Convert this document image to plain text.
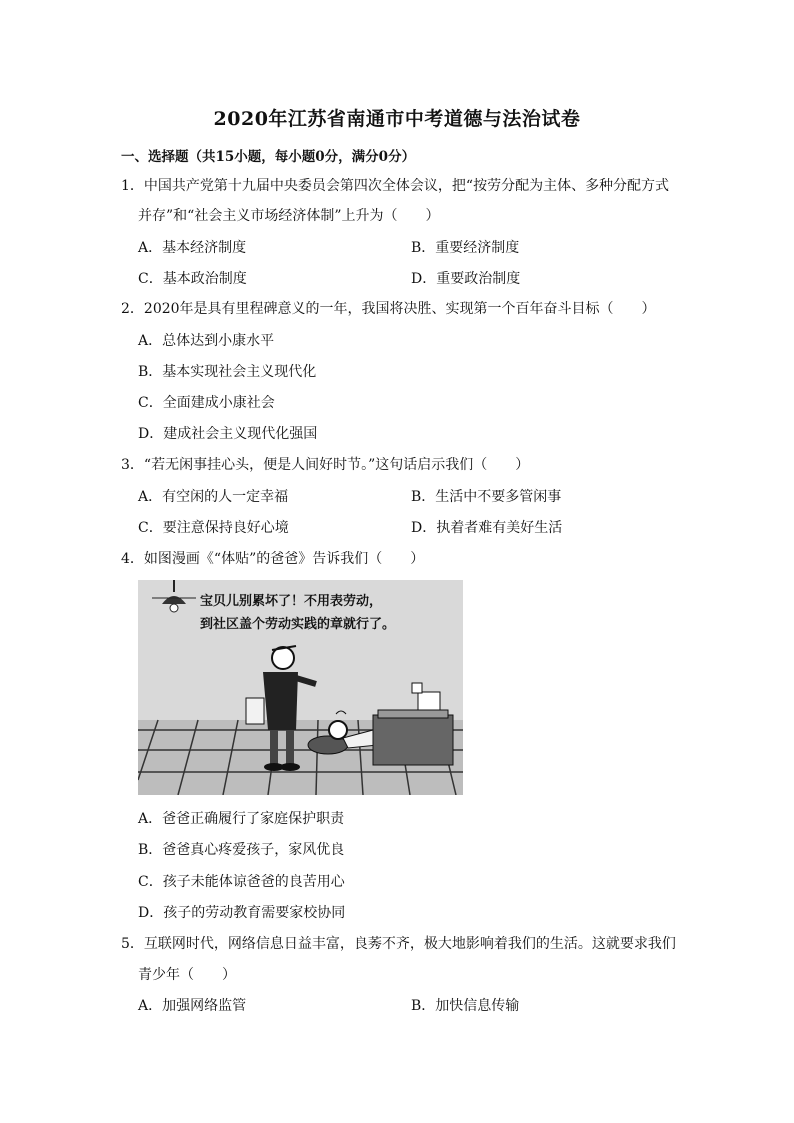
2020年江苏省南通市中考道德与法治试卷
一、选择题（共15小题，每小题0分，满分0分）
1．中国共产党第十九届中央委员会第四次全体会议，把“按劳分配为主体、多种分配方式
并存”和“社会主义市场经济体制”上升为（　　）
A．基本经济制度	B．重要经济制度
C．基本政治制度	D．重要政治制度
2．2020年是具有里程碑意义的一年，我国将决胜、实现第一个百年奋斗目标（　　）
A．总体达到小康水平
B．基本实现社会主义现代化
C．全面建成小康社会
D．建成社会主义现代化强国
3．“若无闲事挂心头，便是人间好时节。”这句话启示我们（　　）
A．有空闲的人一定幸福	B．生活中不要多管闲事
C．要注意保持良好心境	D．执着者难有美好生活
4．如图漫画《“体贴”的爸爸》告诉我们（　　）
宝贝儿别累坏了！不用表劳动，
到社区盖个劳动实践的章就行了。
A．爸爸正确履行了家庭保护职责
B．爸爸真心疼爱孩子，家风优良
C．孩子未能体谅爸爸的良苦用心
D．孩子的劳动教育需要家校协同
5．互联网时代，网络信息日益丰富，良莠不齐，极大地影响着我们的生活。这就要求我们
青少年（　　）
A．加强网络监管	B．加快信息传输
